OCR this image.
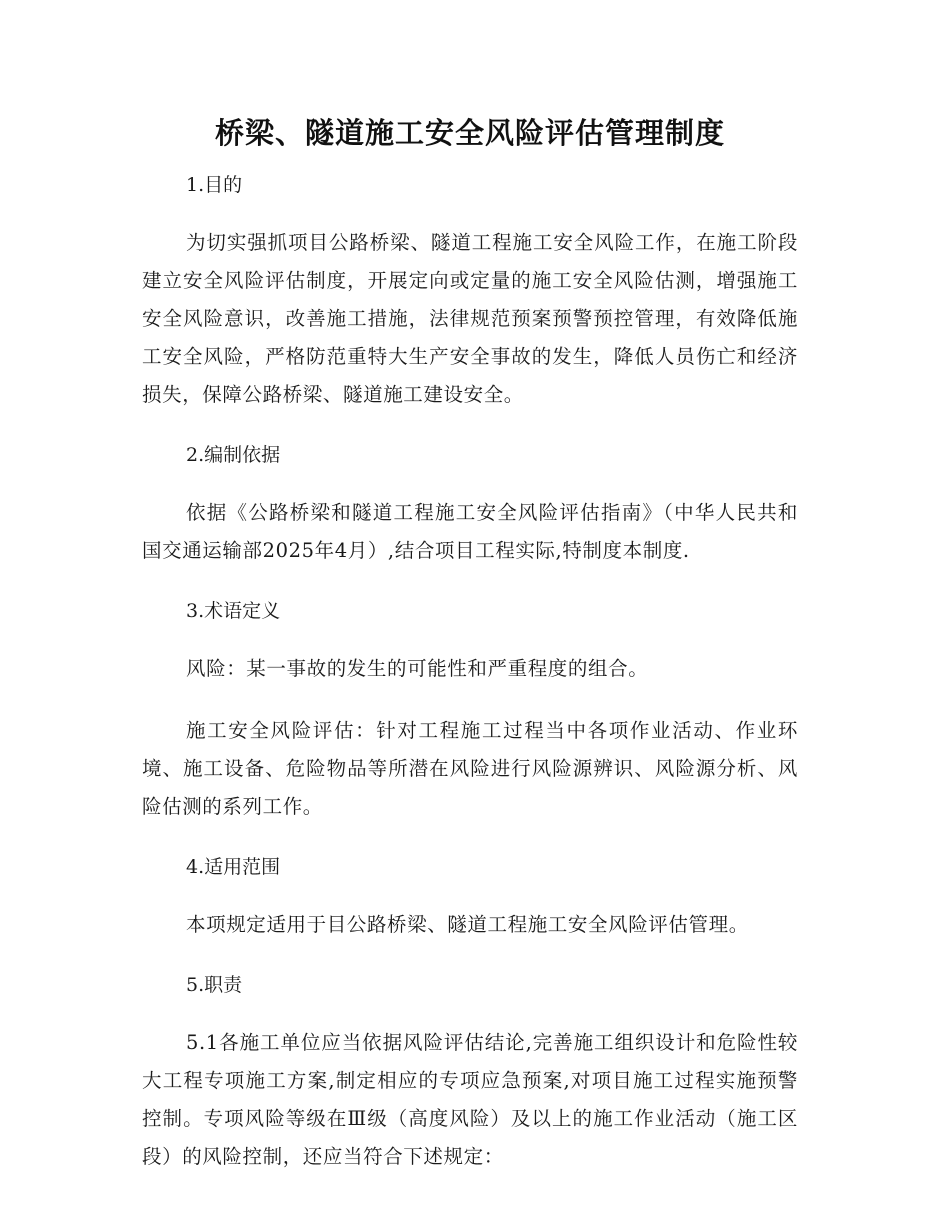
桥梁、隧道施工安全风险评估管理制度
1.目的

为切实强抓项目公路桥梁、隧道工程施工安全风险工作，在施工阶段建立安全风险评估制度，开展定向或定量的施工安全风险估测，增强施工安全风险意识，改善施工措施，法律规范预案预警预控管理，有效降低施工安全风险，严格防范重特大生产安全事故的发生，降低人员伤亡和经济损失，保障公路桥梁、隧道施工建设安全。

2.编制依据

依据《公路桥梁和隧道工程施工安全风险评估指南》（中华人民共和国交通运输部2025年4月）,结合项目工程实际,特制度本制度.

3.术语定义

风险：某一事故的发生的可能性和严重程度的组合。

施工安全风险评估：针对工程施工过程当中各项作业活动、作业环境、施工设备、危险物品等所潜在风险进行风险源辨识、风险源分析、风险估测的系列工作。

4.适用范围

本项规定适用于目公路桥梁、隧道工程施工安全风险评估管理。

5.职责

5.1各施工单位应当依据风险评估结论,完善施工组织设计和危险性较大工程专项施工方案,制定相应的专项应急预案,对项目施工过程实施预警控制。专项风险等级在Ⅲ级（高度风险）及以上的施工作业活动（施工区段）的风险控制，还应当符合下述规定：
